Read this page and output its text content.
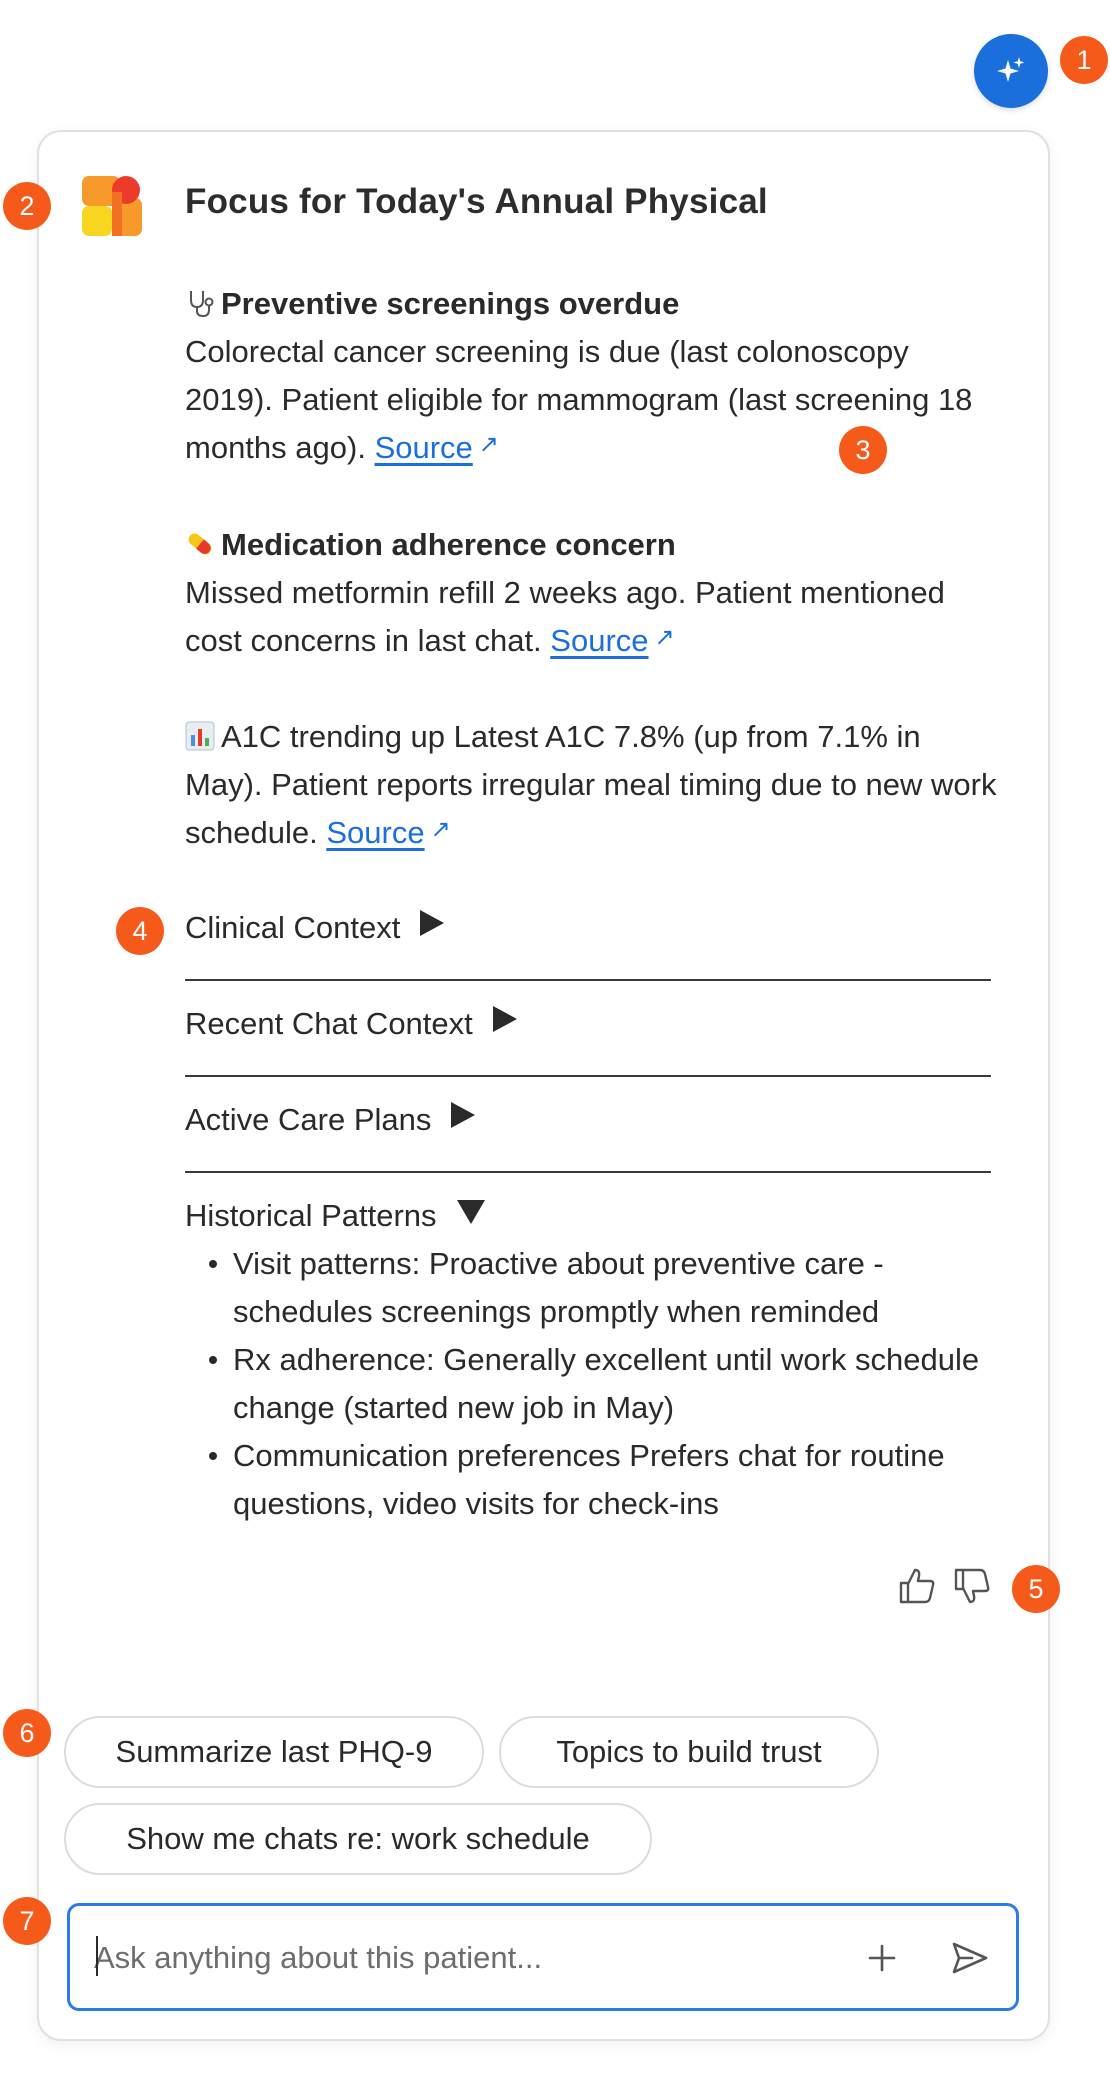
1
2	Focus for Today's Annual Physical
Preventive screenings overdue
Colorectal cancer screening is due (last colonoscopy 2019). Patient eligible for mammogram (last screening 18 months ago). Source ↗	3
Medication adherence concern
Missed metformin refill 2 weeks ago. Patient mentioned cost concerns in last chat. Source ↗
A1C trending up Latest A1C 7.8% (up from 7.1% in May). Patient reports irregular meal timing due to new work schedule. Source ↗
4	Clinical Context
Recent Chat Context
Active Care Plans
Historical Patterns
Visit patterns: Proactive about preventive care - schedules screenings promptly when reminded
Rx adherence: Generally excellent until work schedule change (started new job in May)
Communication preferences Prefers chat for routine questions, video visits for check-ins
5
6
Summarize last PHQ-9	Topics to build trust
Show me chats re: work schedule
7
Ask anything about this patient...
